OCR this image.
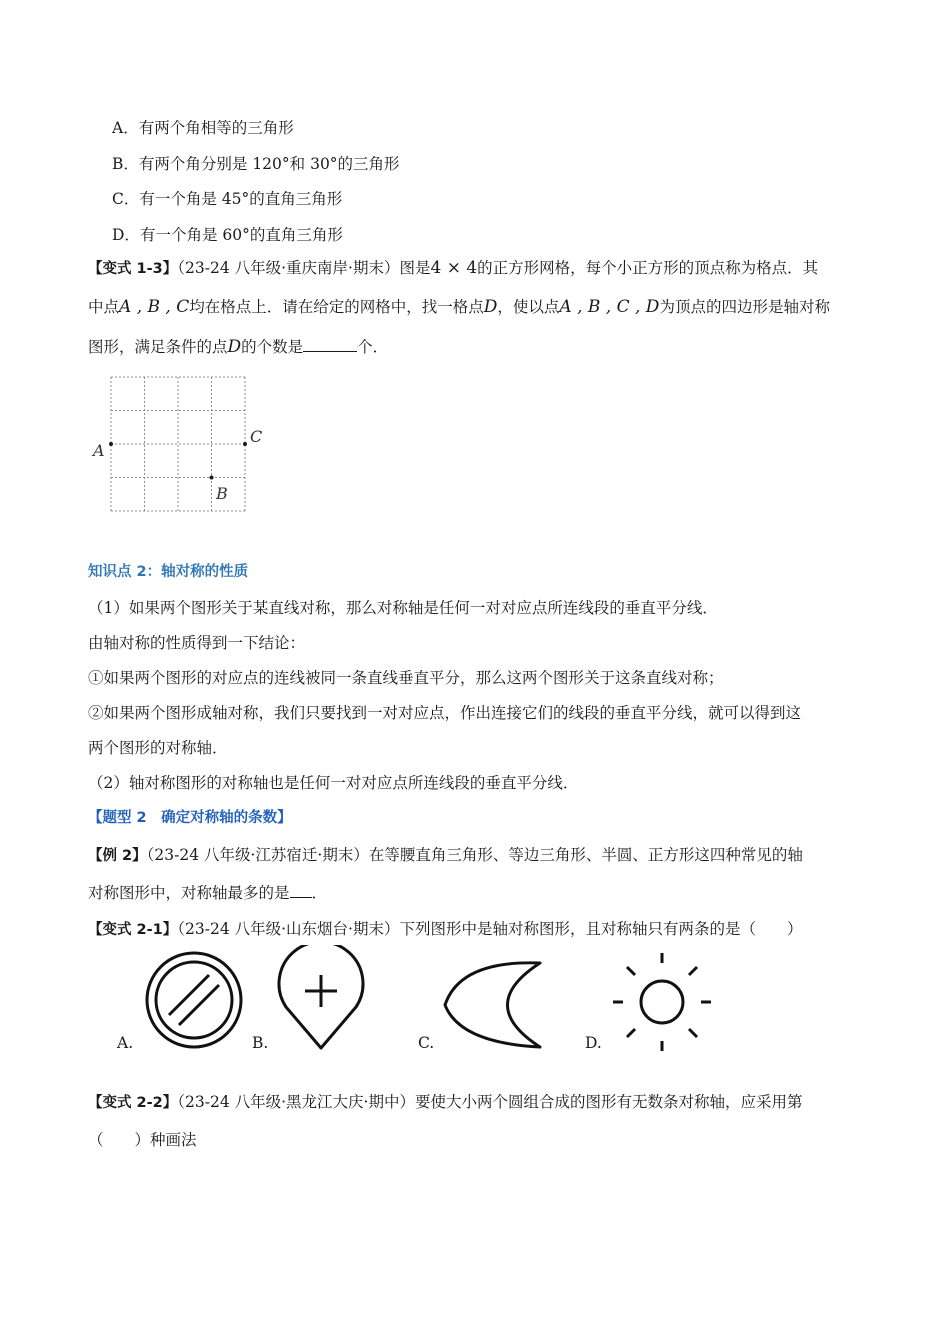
A．有两个角相等的三角形
B．有两个角分别是 120°和 30°的三角形
C．有一个角是 45°的直角三角形
D．有一个角是 60°的直角三角形
【变式 1-3】（23-24 八年级·重庆南岸·期末）图是4 × 4的正方形网格，每个小正方形的顶点称为格点．其
中点A , B , C均在格点上．请在给定的网格中，找一格点D，使以点A , B , C , D为顶点的四边形是轴对称
图形，满足条件的点D的个数是	个．
A
C
B
知识点 2：轴对称的性质
（1）如果两个图形关于某直线对称，那么对称轴是任何一对对应点所连线段的垂直平分线．
由轴对称的性质得到一下结论：
①如果两个图形的对应点的连线被同一条直线垂直平分，那么这两个图形关于这条直线对称；
②如果两个图形成轴对称，我们只要找到一对对应点，作出连接它们的线段的垂直平分线，就可以得到这
两个图形的对称轴．
（2）轴对称图形的对称轴也是任何一对对应点所连线段的垂直平分线．
【题型 2　确定对称轴的条数】
【例 2】（23-24 八年级·江苏宿迁·期末）在等腰直角三角形、等边三角形、半圆、正方形这四种常见的轴
对称图形中，对称轴最多的是 ．
【变式 2-1】（23-24 八年级·山东烟台·期末）下列图形中是轴对称图形，且对称轴只有两条的是（　　）
A.	B.	C.	D.
【变式 2-2】（23-24 八年级·黑龙江大庆·期中）要使大小两个圆组合成的图形有无数条对称轴，应采用第
（　　）种画法
